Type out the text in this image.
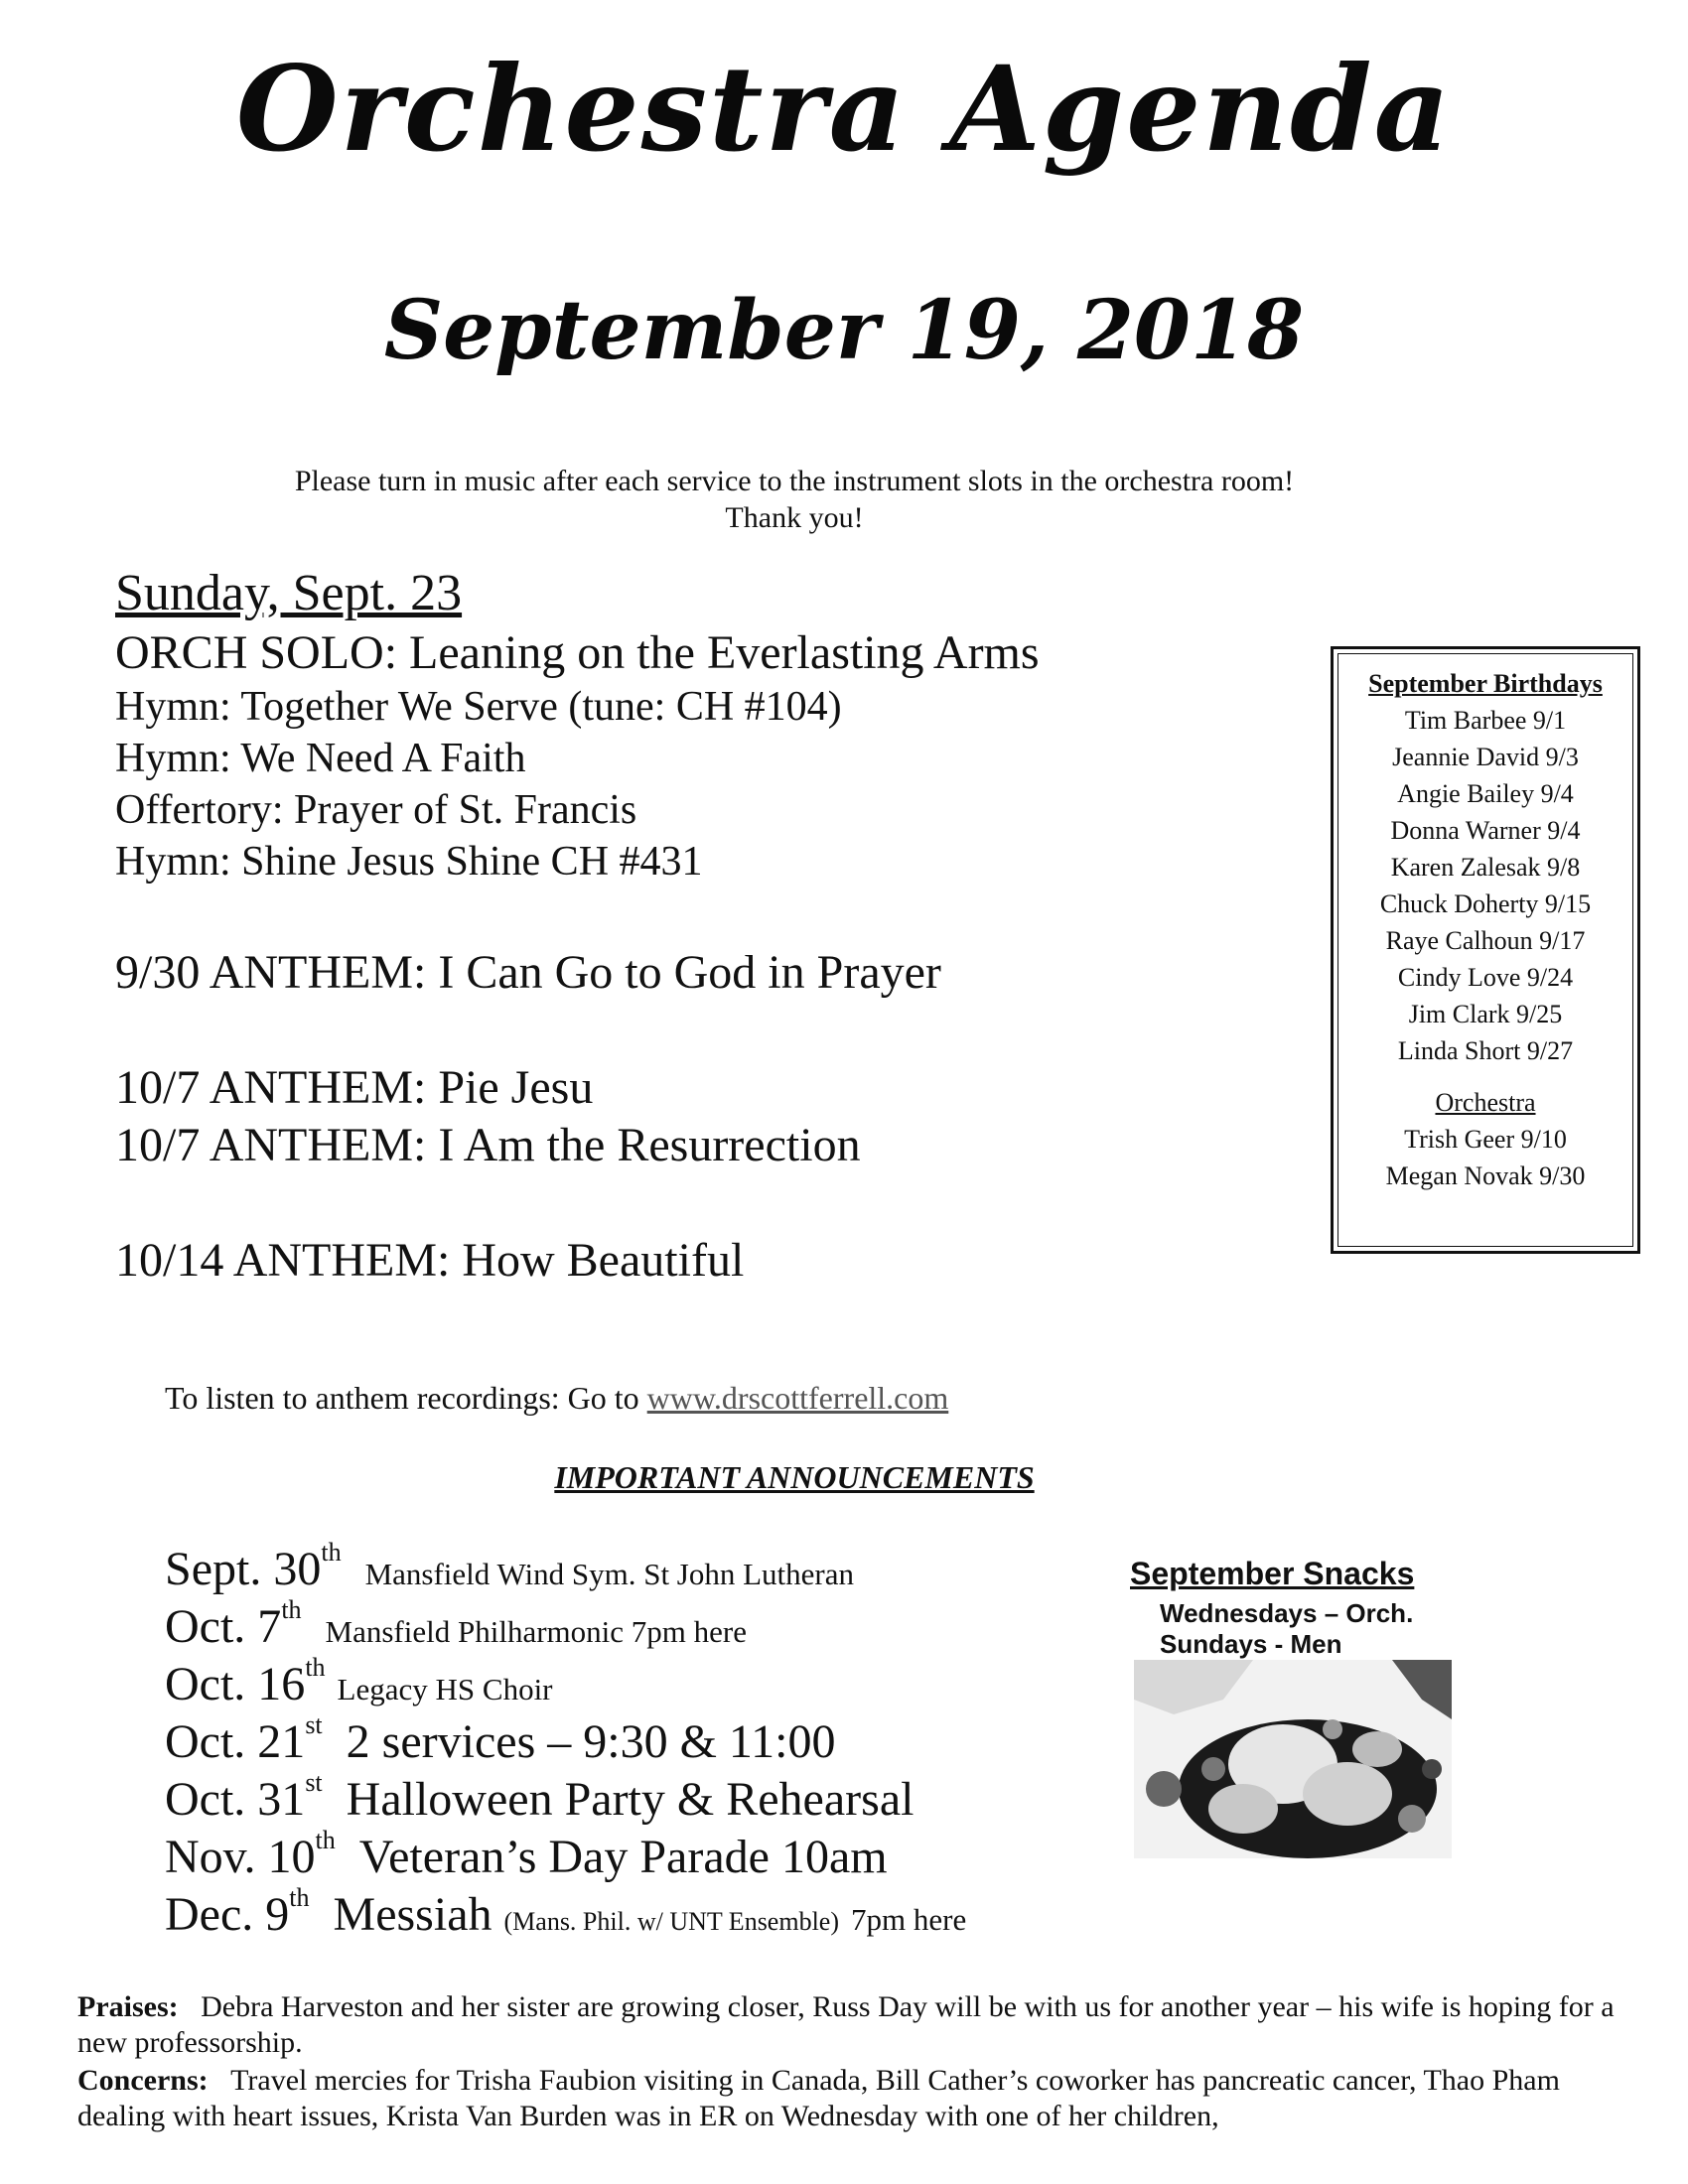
Orchestra Agenda
September 19, 2018
Please turn in music after each service to the instrument slots in the orchestra room!
Thank you!
Sunday, Sept. 23
ORCH SOLO: Leaning on the Everlasting Arms
Hymn: Together We Serve (tune: CH #104)
Hymn: We Need A Faith
Offertory: Prayer of St. Francis
Hymn: Shine Jesus Shine CH #431
9/30 ANTHEM: I Can Go to God in Prayer
10/7 ANTHEM: Pie Jesu
10/7 ANTHEM: I Am the Resurrection
10/14 ANTHEM: How Beautiful
September Birthdays
Tim Barbee 9/1
Jeannie David 9/3
Angie Bailey 9/4
Donna Warner 9/4
Karen Zalesak 9/8
Chuck Doherty 9/15
Raye Calhoun 9/17
Cindy Love 9/24
Jim Clark 9/25
Linda Short 9/27
Orchestra
Trish Geer 9/10
Megan Novak 9/30
To listen to anthem recordings: Go to www.drscottferrell.com
IMPORTANT ANNOUNCEMENTS
Sept. 30th  Mansfield Wind Sym. St John Lutheran
Oct. 7th  Mansfield Philharmonic 7pm here
Oct. 16th Legacy HS Choir
Oct. 21st 2 services – 9:30 & 11:00
Oct. 31st Halloween Party & Rehearsal
Nov. 10th Veteran’s Day Parade 10am
Dec. 9th Messiah (Mans. Phil. w/ UNT Ensemble) 7pm here
September Snacks
Wednesdays – Orch.
Sundays - Men
Praises: Debra Harveston and her sister are growing closer, Russ Day will be with us for another year – his wife is hoping for a new professorship.
Concerns: Travel mercies for Trisha Faubion visiting in Canada, Bill Cather’s coworker has pancreatic cancer, Thao Pham dealing with heart issues, Krista Van Burden was in ER on Wednesday with one of her children,
